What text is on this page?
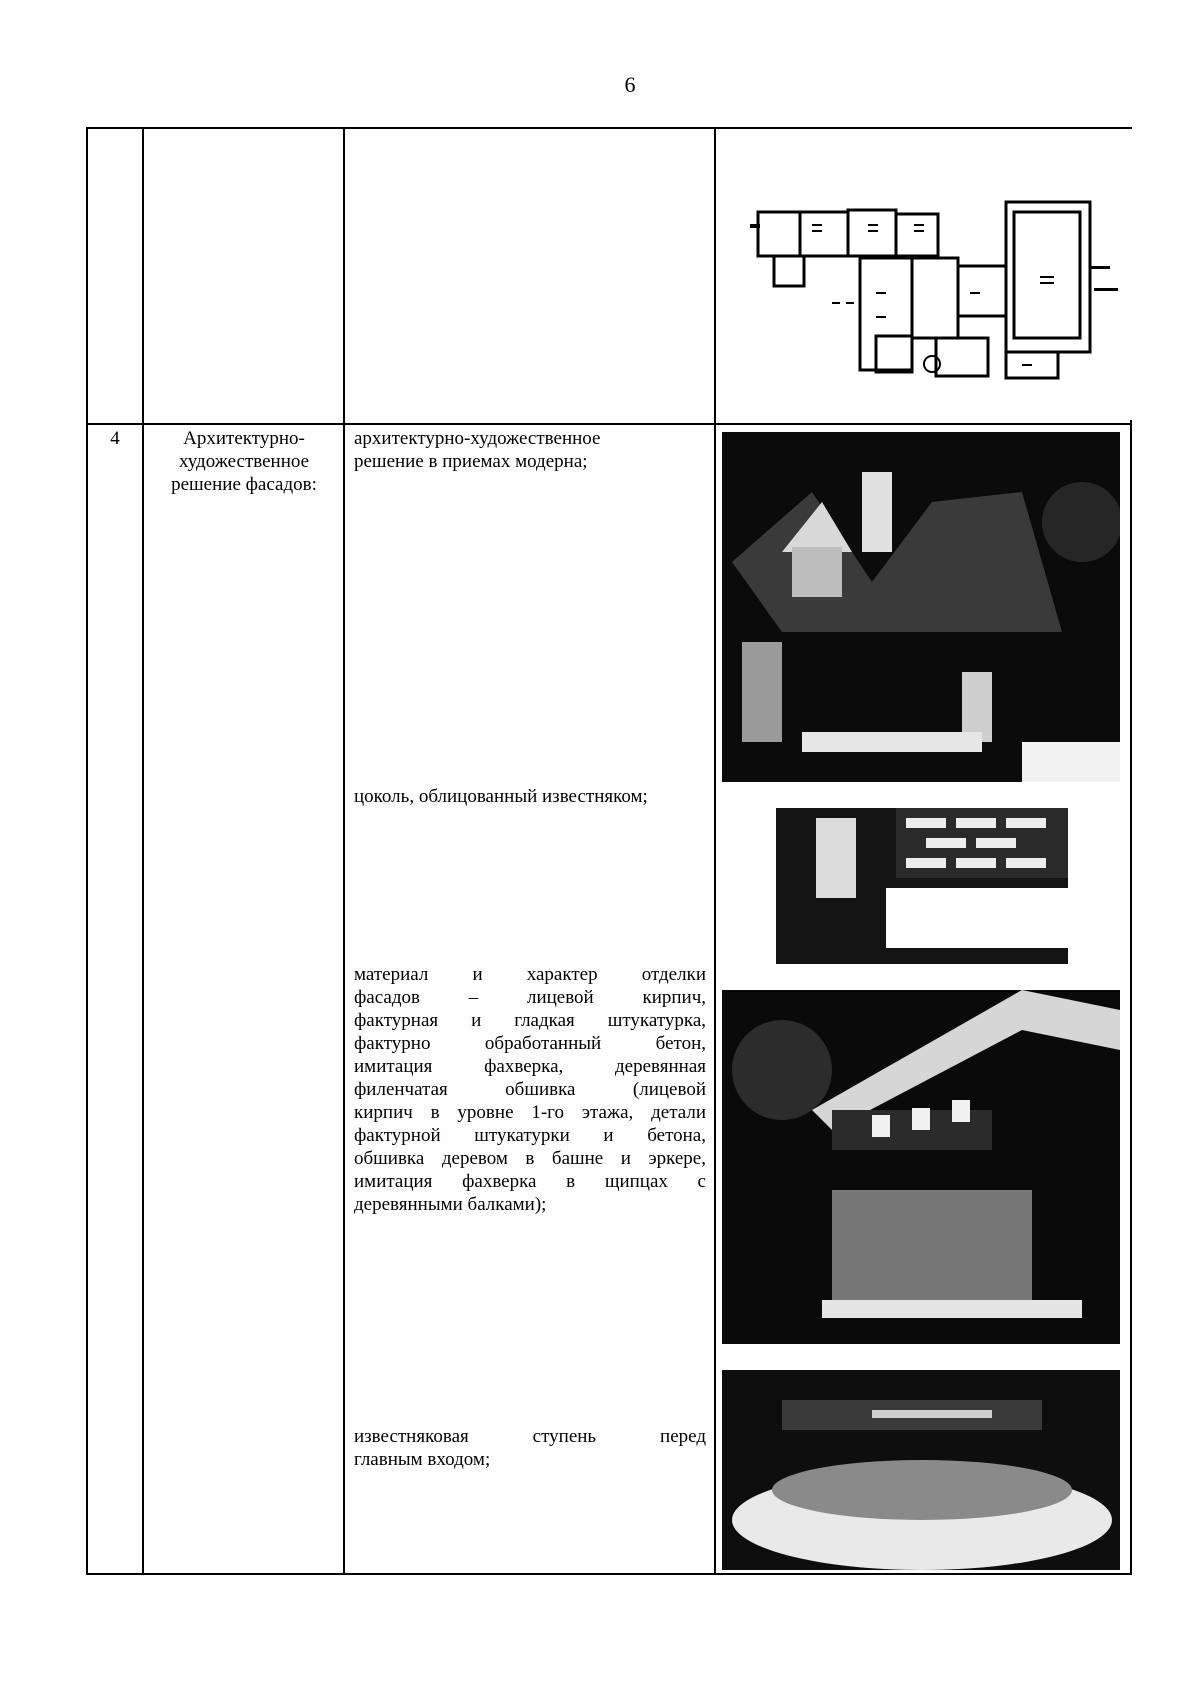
6
4	Архитектурно-художественное решение фасадов:
архитектурно-художественное решение в приемах модерна;
цоколь, облицованный известняком;
материал и характер отделки
фасадов – лицевой кирпич,
фактурная и гладкая штукатурка,
фактурно обработанный бетон,
имитация фахверка, деревянная
филенчатая обшивка (лицевой
кирпич в уровне 1-го этажа, детали
фактурной штукатурки и бетона,
обшивка деревом в башне и эркере,
имитация фахверка в щипцах с
деревянными балками);
известняковая ступень перед
главным входом;
